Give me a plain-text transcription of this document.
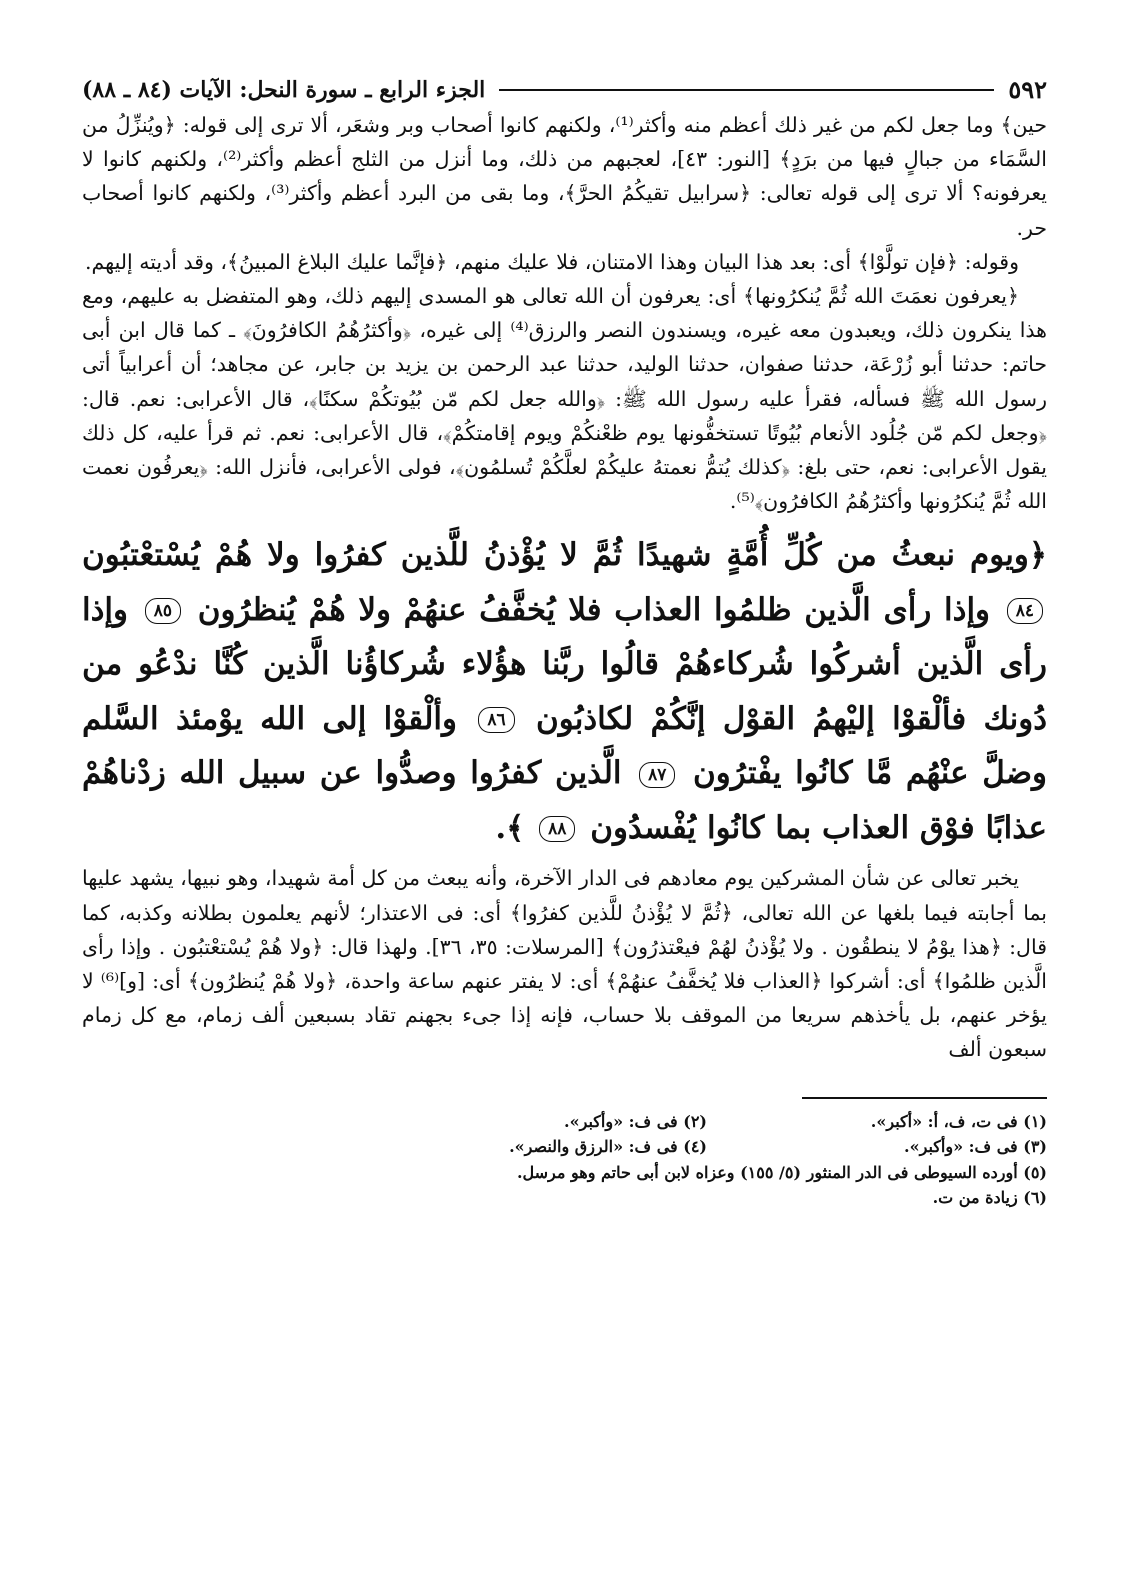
٥٩٢
الجزء الرابع ـ سورة النحل: الآيات (٨٤ ـ ٨٨)

حين﴾ وما جعل لكم من غير ذلك أعظم منه وأكثر⁽¹⁾، ولكنهم كانوا أصحاب وبر وشعَر، ألا ترى إلى قوله: ﴿ويُنزِّلُ من السَّمَاء من جبالٍ فيها من برَدٍ﴾ [النور: ٤٣]، لعجبهم من ذلك، وما أنزل من الثلج أعظم وأكثر⁽²⁾، ولكنهم كانوا لا يعرفونه؟ ألا ترى إلى قوله تعالى: ﴿سرابيل تقيكُمُ الحرَّ﴾، وما بقى من البرد أعظم وأكثر⁽³⁾، ولكنهم كانوا أصحاب حر.

وقوله: ﴿فإن تولَّوْا﴾ أى: بعد هذا البيان وهذا الامتنان، فلا عليك منهم، ﴿فإنَّما عليك البلاغ المبينُ﴾، وقد أديته إليهم.

﴿يعرفون نعمَتَ الله ثُمَّ يُنكرُونها﴾ أى: يعرفون أن الله تعالى هو المسدى إليهم ذلك، وهو المتفضل به عليهم، ومع هذا ينكرون ذلك، ويعبدون معه غيره، ويسندون النصر والرزق⁽⁴⁾ إلى غيره، ﴿وأكثرُهُمُ الكافرُونَ﴾ ـ كما قال ابن أبى حاتم: حدثنا أبو زُرْعَة، حدثنا صفوان، حدثنا الوليد، حدثنا عبد الرحمن بن يزيد بن جابر، عن مجاهد؛ أن أعرابياً أتى رسول الله ﷺ فسأله، فقرأ عليه رسول الله ﷺ: ﴿والله جعل لكم مّن بُيُوتكُمْ سكنًا﴾، قال الأعرابى: نعم. قال: ﴿وجعل لكم مّن جُلُود الأنعام بُيُوتًا تستخفُّونها يوم ظعْنكُمْ ويوم إقامتكُمْ﴾، قال الأعرابى: نعم. ثم قرأ عليه، كل ذلك يقول الأعرابى: نعم، حتى بلغ: ﴿كذلك يُتمُّ نعمتهُ عليكُمْ لعلَّكُمْ تُسلمُون﴾، فولى الأعرابى، فأنزل الله: ﴿يعرفُون نعمت الله ثُمَّ يُنكرُونها وأكثرُهُمُ الكافرُون﴾⁽⁵⁾.

﴿ويوم نبعثُ من كُلِّ أُمَّةٍ شهيدًا ثُمَّ لا يُؤْذنُ للَّذين كفرُوا ولا هُمْ يُسْتعْتبُون ٨٤ وإذا رأى الَّذين ظلمُوا العذاب فلا يُخفَّفُ عنهُمْ ولا هُمْ يُنظرُون ٨٥ وإذا رأى الَّذين أشركُوا شُركاءهُمْ قالُوا ربَّنا هؤُلاء شُركاؤُنا الَّذين كُنَّا ندْعُو من دُونك فألْقوْا إليْهمُ القوْل إنَّكُمْ لكاذبُون ٨٦ وألْقوْا إلى الله يوْمئذ السَّلم وضلَّ عنْهُم مَّا كانُوا يفْترُون ٨٧ الَّذين كفرُوا وصدُّوا عن سبيل الله زدْناهُمْ عذابًا فوْق العذاب بما كانُوا يُفْسدُون ٨٨ ﴾.

يخبر تعالى عن شأن المشركين يوم معادهم فى الدار الآخرة، وأنه يبعث من كل أمة شهيدا، وهو نبيها، يشهد عليها بما أجابته فيما بلغها عن الله تعالى، ﴿ثُمَّ لا يُؤْذنُ للَّذين كفرُوا﴾ أى: فى الاعتذار؛ لأنهم يعلمون بطلانه وكذبه، كما قال: ﴿هذا يوْمُ لا ينطقُون . ولا يُؤْذنُ لهُمْ فيعْتذرُون﴾ [المرسلات: ٣٥، ٣٦]. ولهذا قال: ﴿ولا هُمْ يُسْتعْتبُون . وإذا رأى الَّذين ظلمُوا﴾ أى: أشركوا ﴿العذاب فلا يُخفَّفُ عنهُمْ﴾ أى: لا يفتر عنهم ساعة واحدة، ﴿ولا هُمْ يُنظرُون﴾ أى: [و]⁽⁶⁾ لا يؤخر عنهم، بل يأخذهم سريعا من الموقف بلا حساب، فإنه إذا جىء بجهنم تقاد بسبعين ألف زمام، مع كل زمام سبعون ألف

(١) فى ت، ف، أ: «أكبر».
(٢) فى ف: «وأكبر».
(٣) فى ف: «وأكبر».
(٤) فى ف: «الرزق والنصر».
(٥) أورده السيوطى فى الدر المنثور (٥/ ١٥٥) وعزاه لابن أبى حاتم وهو مرسل.
(٦) زيادة من ت.
